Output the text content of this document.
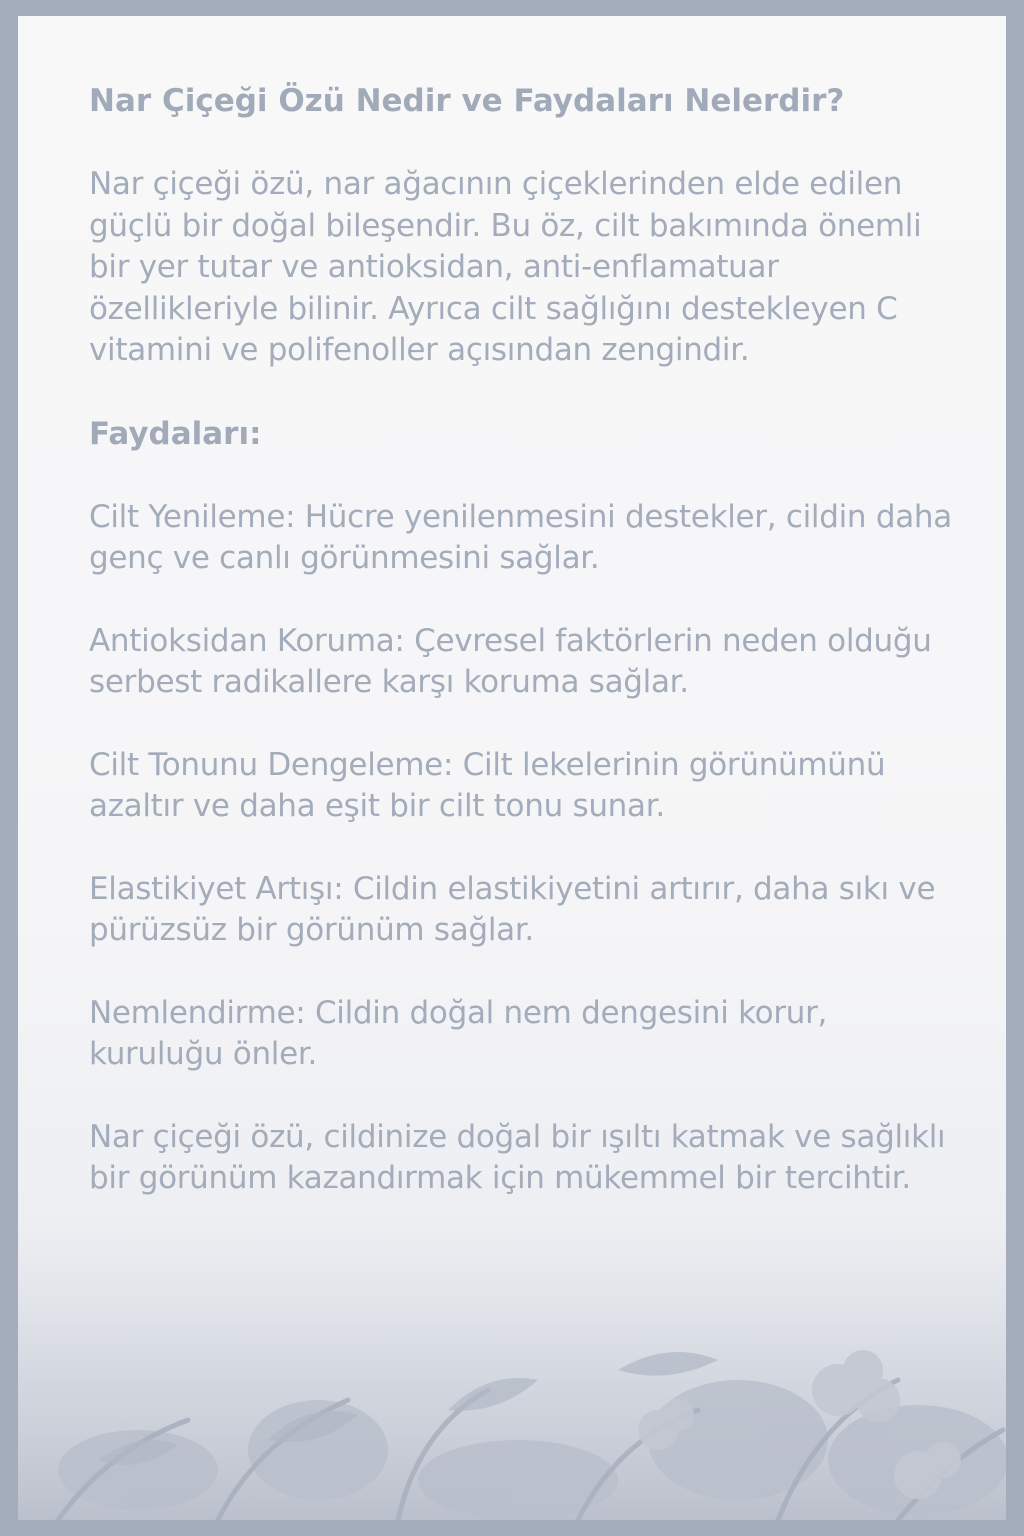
Nar Çiçeği Özü Nedir ve Faydaları Nelerdir?
Nar çiçeği özü, nar ağacının çiçeklerinden elde edilen güçlü bir doğal bileşendir. Bu öz, cilt bakımında önemli bir yer tutar ve antioksidan, anti-enflamatuar özellikleriyle bilinir. Ayrıca cilt sağlığını destekleyen C vitamini ve polifenoller açısından zengindir.
Faydaları:
Cilt Yenileme: Hücre yenilenmesini destekler, cildin daha genç ve canlı görünmesini sağlar.
Antioksidan Koruma: Çevresel faktörlerin neden olduğu serbest radikallere karşı koruma sağlar.
Cilt Tonunu Dengeleme: Cilt lekelerinin görünümünü azaltır ve daha eşit bir cilt tonu sunar.
Elastikiyet Artışı: Cildin elastikiyetini artırır, daha sıkı ve pürüzsüz bir görünüm sağlar.
Nemlendirme: Cildin doğal nem dengesini korur, kuruluğu önler.
Nar çiçeği özü, cildinize doğal bir ışıltı katmak ve sağlıklı bir görünüm kazandırmak için mükemmel bir tercihtir.
